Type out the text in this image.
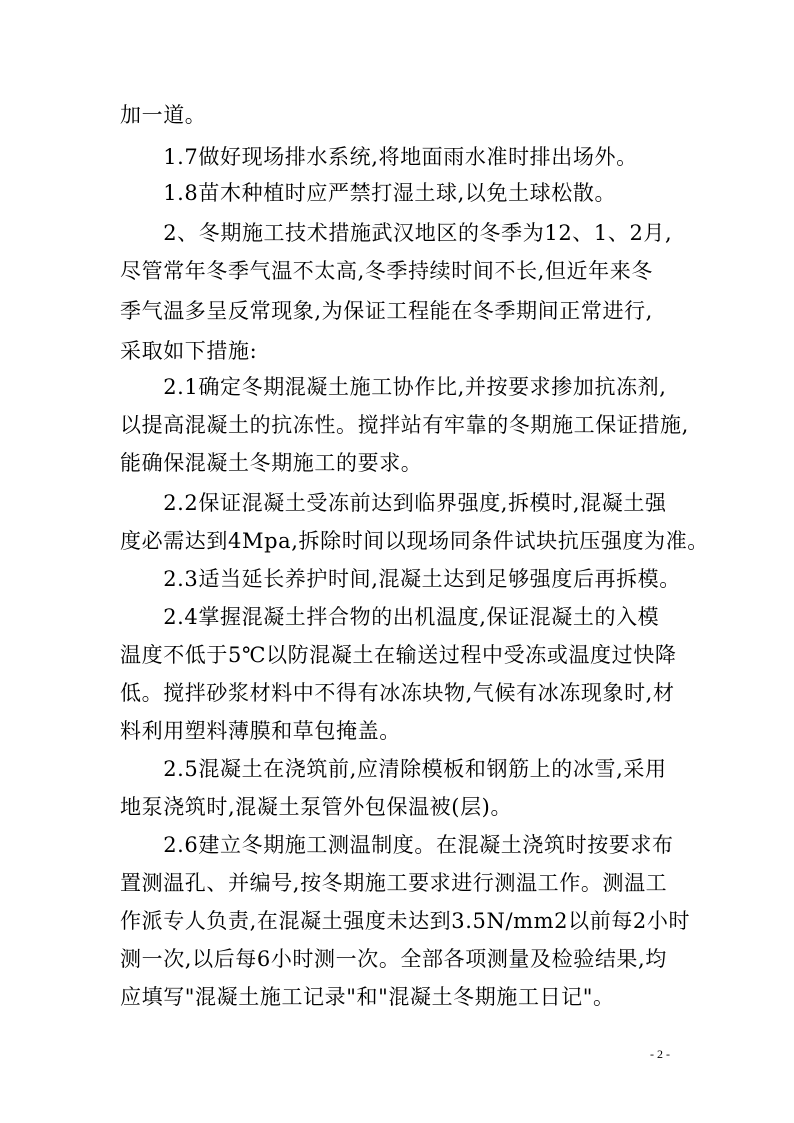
加一道。
　　1.7做好现场排水系统,将地面雨水准时排出场外。
　　1.8苗木种植时应严禁打湿土球,以免土球松散。
　　2、冬期施工技术措施武汉地区的冬季为12、1、2月,
尽管常年冬季气温不太高,冬季持续时间不长,但近年来冬
季气温多呈反常现象,为保证工程能在冬季期间正常进行,
采取如下措施:
　　2.1确定冬期混凝土施工协作比,并按要求掺加抗冻剂,
以提高混凝土的抗冻性。搅拌站有牢靠的冬期施工保证措施,
能确保混凝土冬期施工的要求。
　　2.2保证混凝土受冻前达到临界强度,拆模时,混凝土强
度必需达到4Mpa,拆除时间以现场同条件试块抗压强度为准。
　　2.3适当延长养护时间,混凝土达到足够强度后再拆模。
　　2.4掌握混凝土拌合物的出机温度,保证混凝土的入模
温度不低于5℃以防混凝土在输送过程中受冻或温度过快降
低。搅拌砂浆材料中不得有冰冻块物,气候有冰冻现象时,材
料利用塑料薄膜和草包掩盖。
　　2.5混凝土在浇筑前,应清除模板和钢筋上的冰雪,采用
地泵浇筑时,混凝土泵管外包保温被(层)。
　　2.6建立冬期施工测温制度。在混凝土浇筑时按要求布
置测温孔、并编号,按冬期施工要求进行测温工作。测温工
作派专人负责,在混凝土强度未达到3.5N/mm2以前每2小时
测一次,以后每6小时测一次。全部各项测量及检验结果,均
应填写"混凝土施工记录"和"混凝土冬期施工日记"。
- 2 -
